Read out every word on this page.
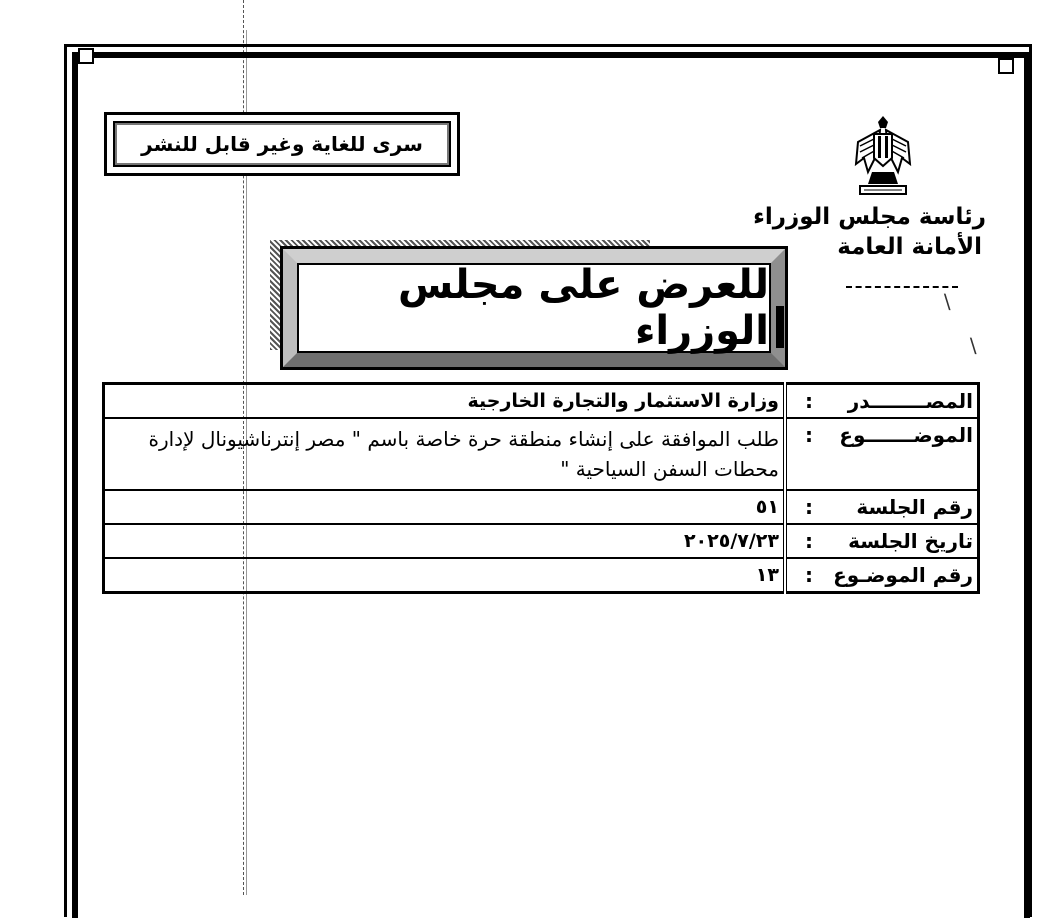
سرى للغاية وغير قابل للنشر
رئاسة مجلس الوزراء
الأمانة العامة
∖
∖
للعرض على مجلس الوزراء
المصــــــــدر
:	وزارة الاستثمار والتجارة الخارجية

الموضـــــــوع
:	طلب الموافقة على إنشاء منطقة حرة خاصة باسم " مصر إنترناشيونال لإدارة محطات السفن السياحية "

رقم الجلسة
:	٥١

تاريخ الجلسة
:	٢٠٢٥/٧/٢٣

رقم الموضـوع
:	١٣
